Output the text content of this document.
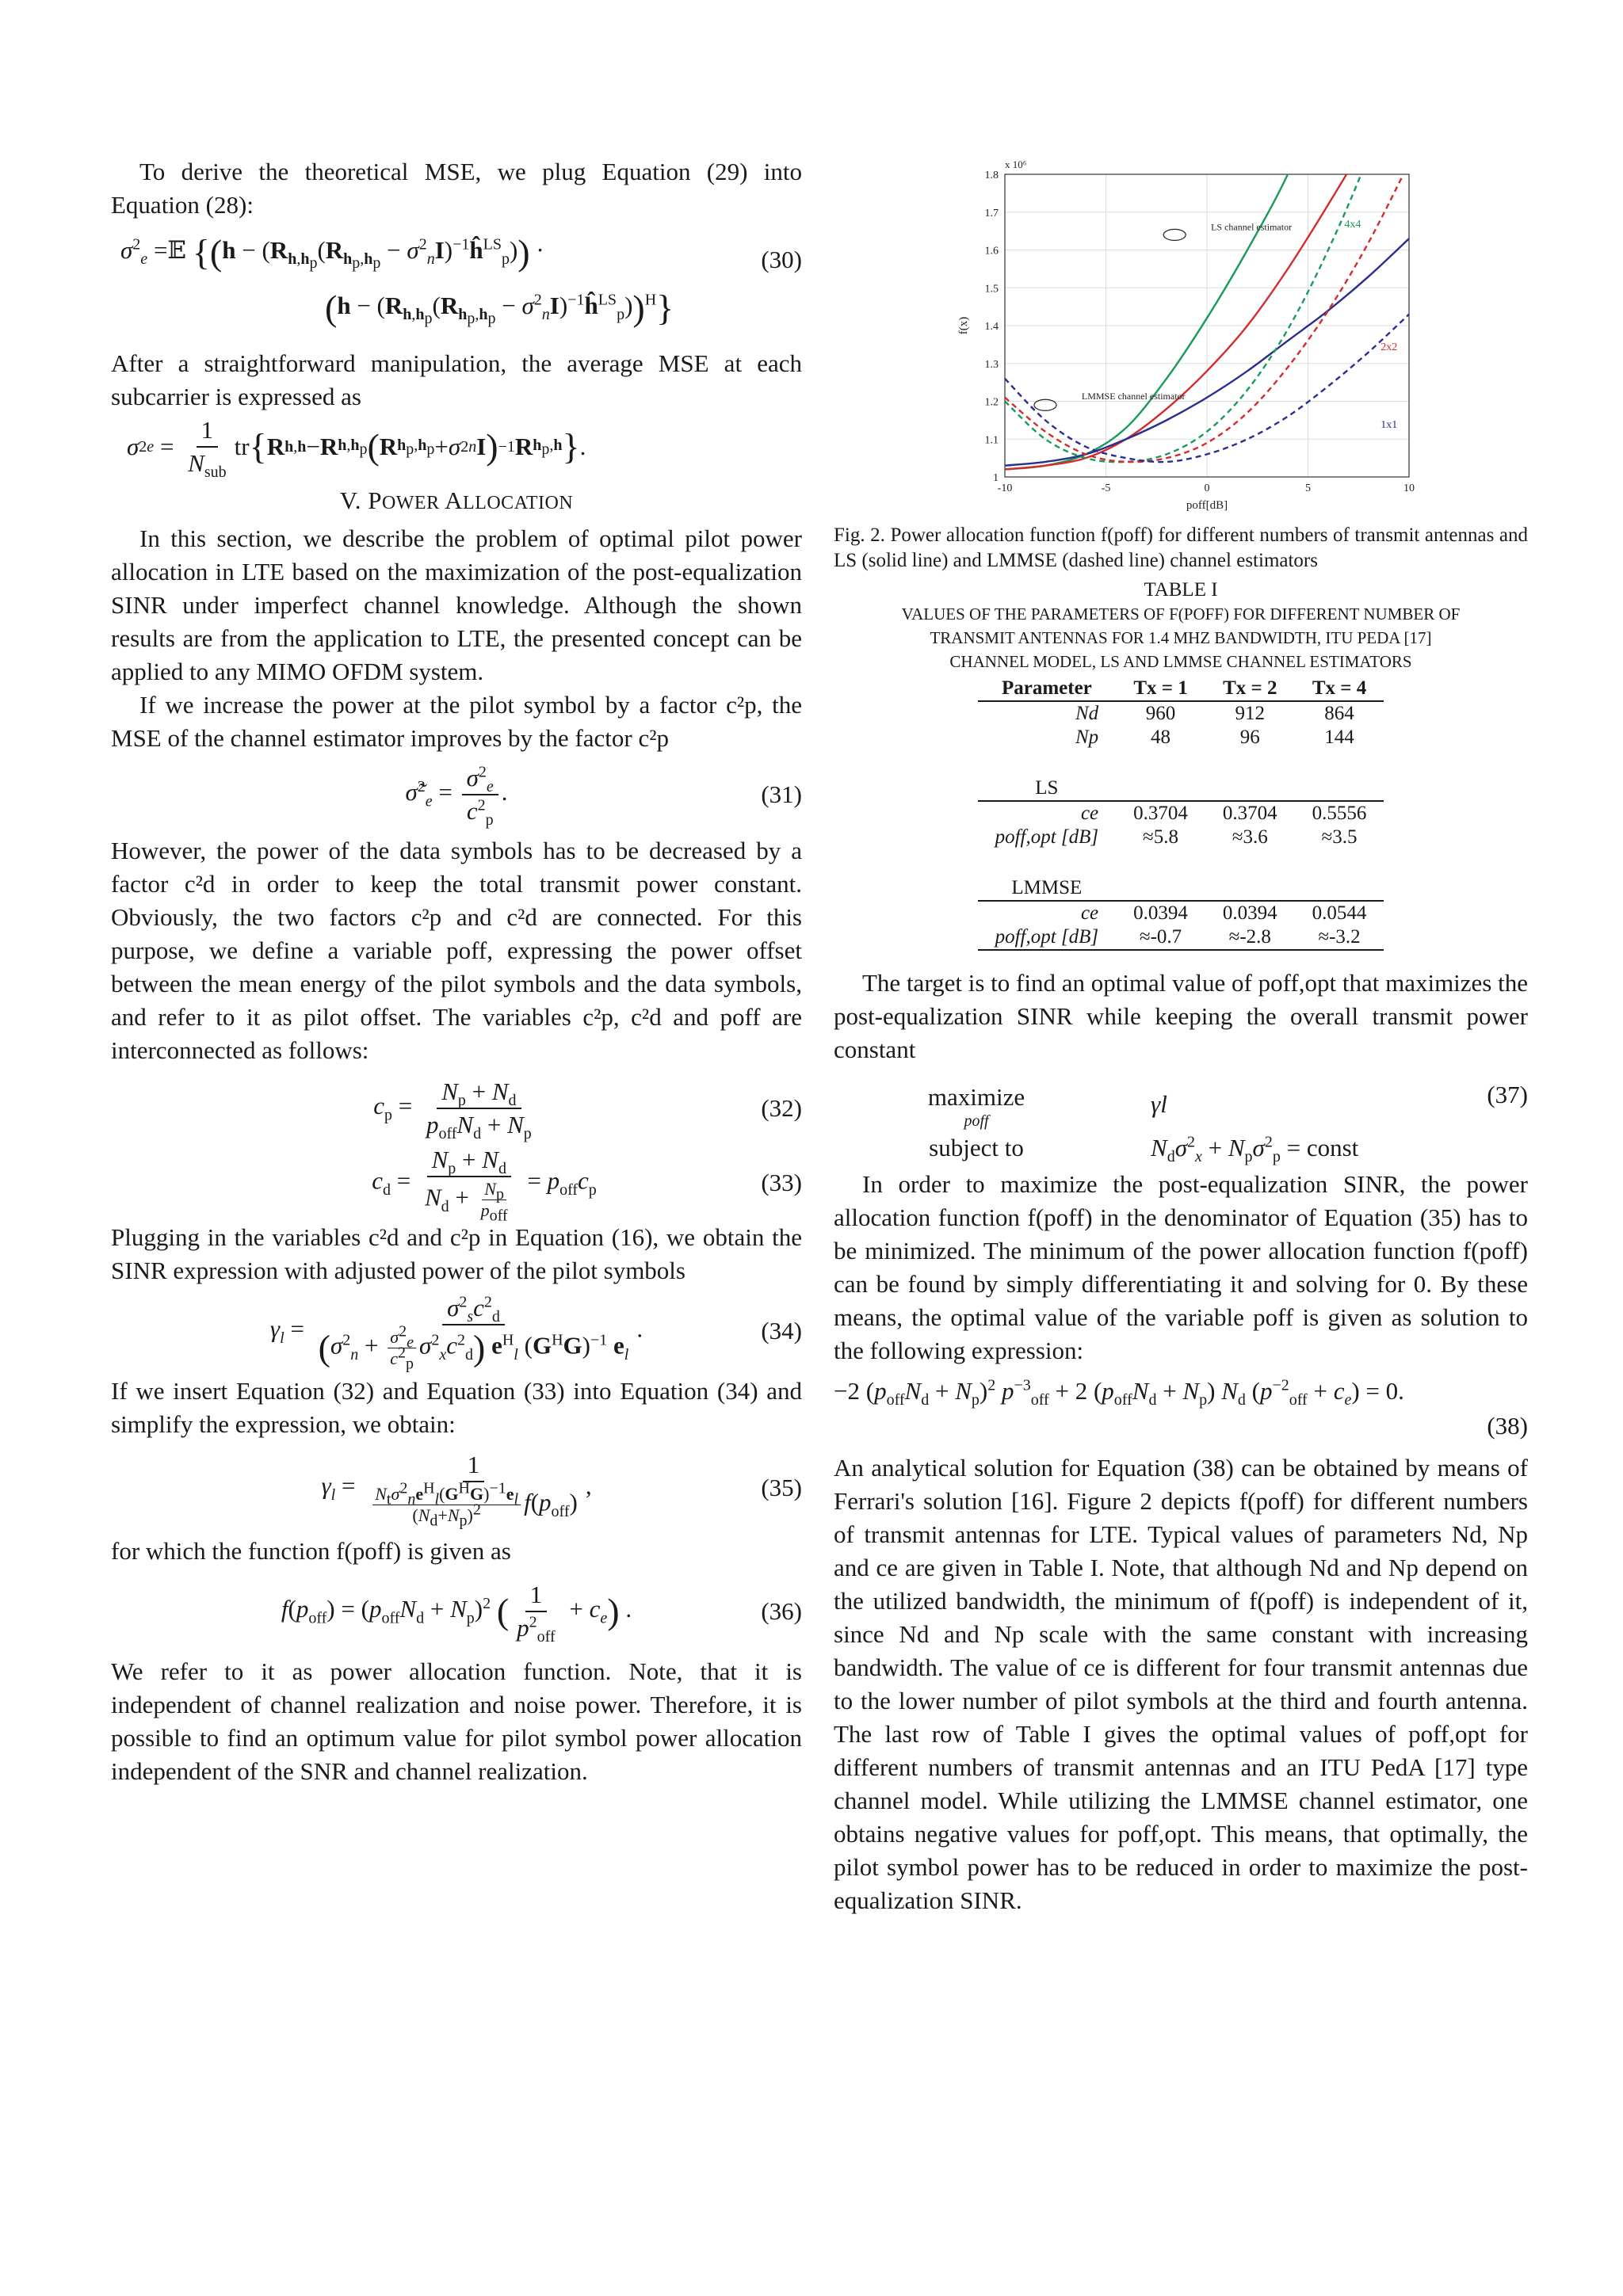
To derive the theoretical MSE, we plug Equation (29) into Equation (28):

$\sigma^2_e$ =𝔼 {($h - (R_{h,h_p}(R_{h_p,h_p}$ − $\sigma^2_nI)^{-1}ĥ^{LS}_p$)) ·	(30)
($h - (R_{h,h_p}(R_{h_p,h_p}$ − $\sigma^2_nI)^{-1}ĥ^{LS}_p))^H$}

After a straightforward manipulation, the average MSE at each subcarrier is expressed as

σ 2 $e = \frac{1}{N_{sub}}$ tr { R h,h − R $h,h_p$ ( R $h_p,h_p + \sigma$ 2 n I ) −1 R $h_p,h$ } .
V. POWER ALLOCATION

In this section, we describe the problem of optimal pilot power allocation in LTE based on the maximization of the post-equalization SINR under imperfect channel knowledge. Although the shown results are from the application to LTE, the presented concept can be applied to any MIMO OFDM system.

If we increase the power at the pilot symbol by a factor c²p, the MSE of the channel estimator improves by the factor c²p

σ̃$^2_e$ = $\frac{\sigma^2_e}{c^2_p}$ .	(31)

However, the power of the data symbols has to be decreased by a factor c²d in order to keep the total transmit power constant. Obviously, the two factors c²p and c²d are connected. For this purpose, we define a variable poff, expressing the power offset between the mean energy of the pilot symbols and the data symbols, and refer to it as pilot offset. The variables c²p, c²d and poff are interconnected as follows:

$c_p = \frac{N_p + N_d}{p_{off}N_d + N_p}$	(32)
$c_d = \frac{N_p + N_d}{N_d + \frac{N_p}{p_{off}}} = p_{off}c_p$	(33)

Plugging in the variables c²d and c²p in Equation (16), we obtain the SINR expression with adjusted power of the pilot symbols

$\gamma_l = \frac{\sigma^2_sc^2_d}{(\sigma^2_n + \frac{\sigma^2_e}{c^2_p} \sigma^2_xc^2_d) e^H_l (G^HG)^{-1} e_l}$ .	(34)

If we insert Equation (32) and Equation (33) into Equation (34) and simplify the expression, we obtain:

$\gamma_l = \frac{1}{\frac{N_t\sigma^2_ne^H_l(G^HG)^{-1}e_l}{(N_d+N_p)^2} f(p_{off})}$ ,	(35)

for which the function f(poff) is given as

$f(p_{off}) = (p_{off}N_d + N_p)^2$ ( $\frac{1}{p^2_{off}} + c_e$) .	(36)

We refer to it as power allocation function. Note, that it is independent of channel realization and noise power. Therefore, it is possible to find an optimum value for pilot symbol power allocation independent of the SNR and channel realization.

-10	-5	0	5	10
1
1.1
1.2
1.3
1.4
1.5
1.6
1.7
1.8
x 10⁶
poff[dB]
f(x)
LS channel estimator
LMMSE channel estimator
4x4
2x2
1x1
Fig. 2. Power allocation function f(poff) for different numbers of transmit antennas and LS (solid line) and LMMSE (dashed line) channel estimators
TABLE I
VALUES OF THE PARAMETERS OF F(POFF) FOR DIFFERENT NUMBER OF
TRANSMIT ANTENNAS FOR 1.4 MHZ BANDWIDTH, ITU PEDA [17]
CHANNEL MODEL, LS AND LMMSE CHANNEL ESTIMATORS
Parameter	Tx = 1	Tx = 2	Tx = 4
Nd	960	912	864
Np	48	96	144

LS			
ce	0.3704	0.3704	0.5556
poff,opt [dB]	≈5.8	≈3.6	≈3.5

LMMSE			
ce	0.0394	0.0394	0.0544
poff,opt [dB]	≈-0.7	≈-2.8	≈-3.2

The target is to find an optimal value of poff,opt that maximizes the post-equalization SINR while keeping the overall transmit power constant

maximize
poff
γl
subject to	$N_d\sigma^2_x + N_p\sigma^2_p$ = const
(37)

In order to maximize the post-equalization SINR, the power allocation function f(poff) in the denominator of Equation (35) has to be minimized. The minimum of the power allocation function f(poff) can be found by simply differentiating it and solving for 0. By these means, the optimal value of the variable poff is given as solution to the following expression:

−2 $(p_{off}N_d + N_p)^2$ $p^{-3}_{off} + 2$ $(p_{off}N_d + N_p)$ $N_d$ $(p^{-2}_{off} + c_e) = 0$.
(38)

An analytical solution for Equation (38) can be obtained by means of Ferrari's solution [16]. Figure 2 depicts f(poff) for different numbers of transmit antennas for LTE. Typical values of parameters Nd, Np and ce are given in Table I. Note, that although Nd and Np depend on the utilized bandwidth, the minimum of f(poff) is independent of it, since Nd and Np scale with the same constant with increasing bandwidth. The value of ce is different for four transmit antennas due to the lower number of pilot symbols at the third and fourth antenna. The last row of Table I gives the optimal values of poff,opt for different numbers of transmit antennas and an ITU PedA [17] type channel model. While utilizing the LMMSE channel estimator, one obtains negative values for poff,opt. This means, that optimally, the pilot symbol power has to be reduced in order to maximize the post-equalization SINR.
